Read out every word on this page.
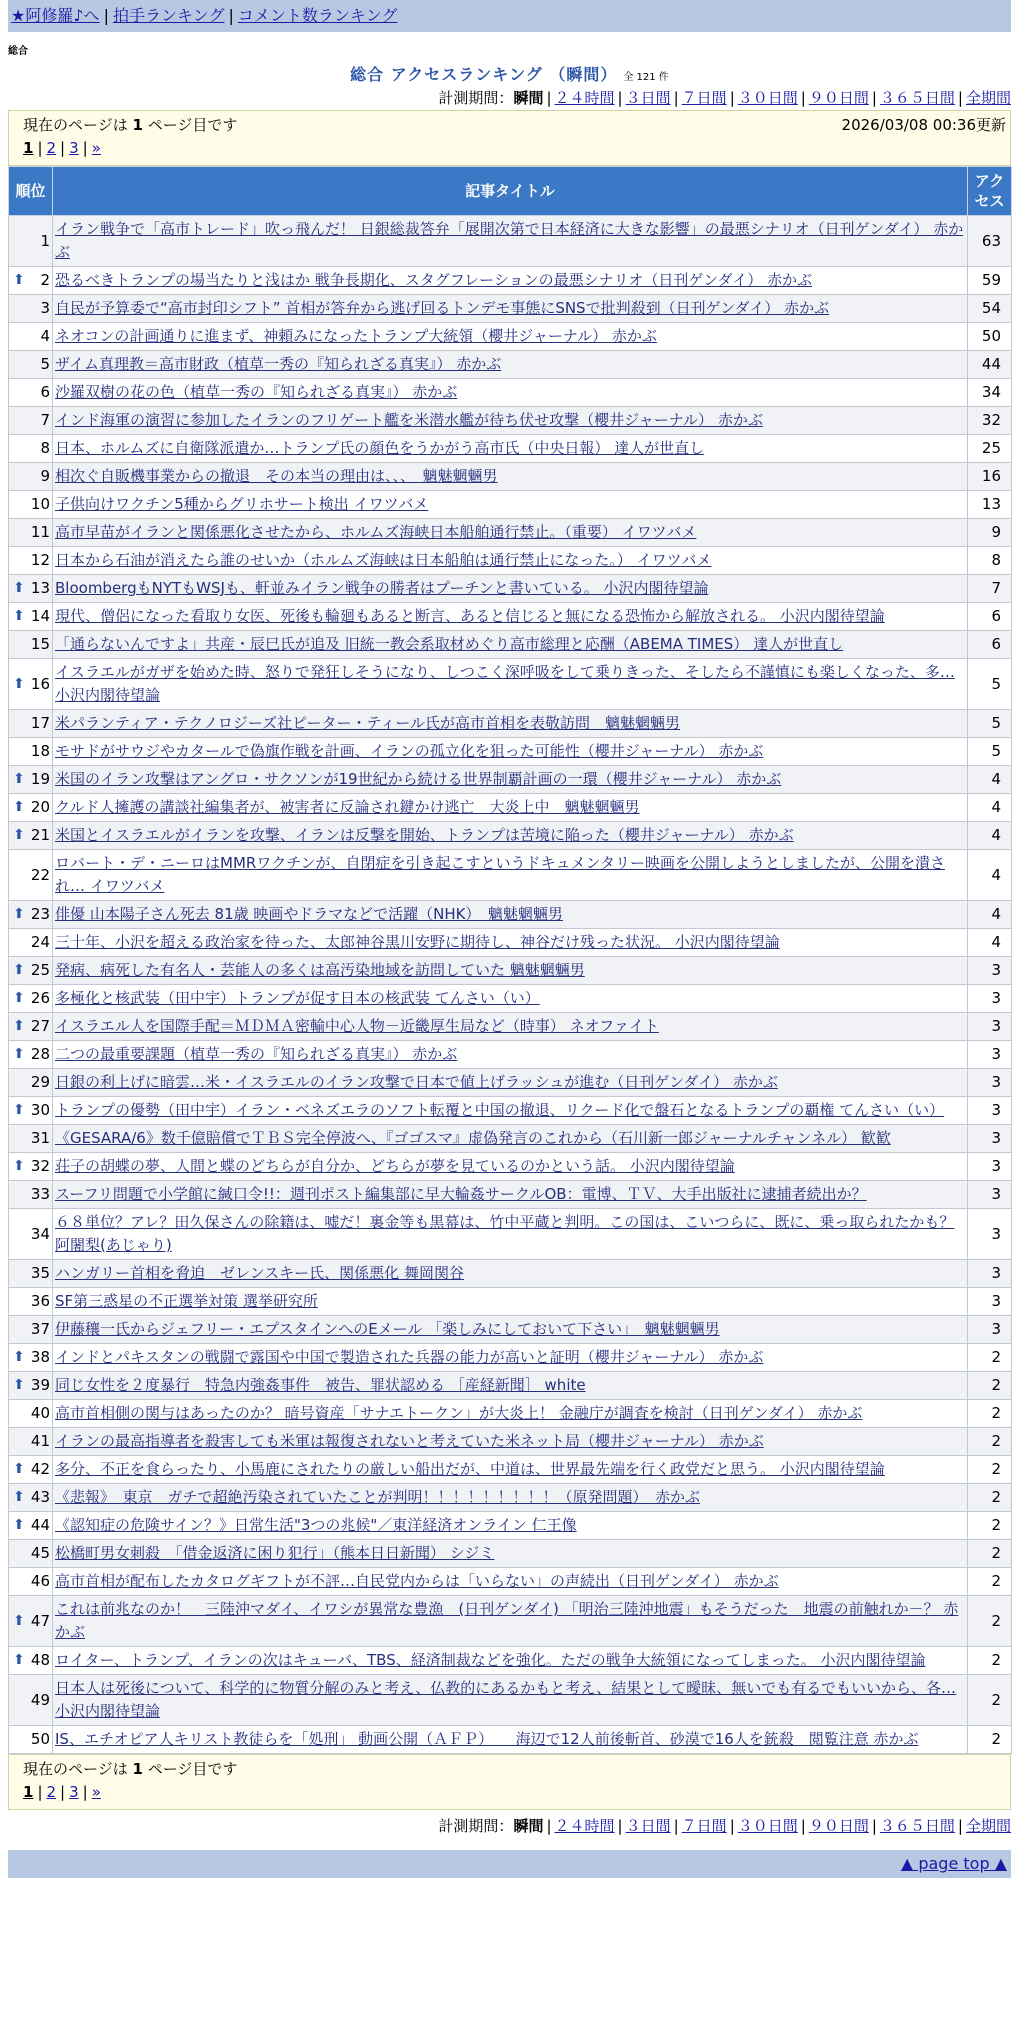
★阿修羅♪へ | 拍手ランキング | コメント数ランキング
総合
総合 アクセスランキング （瞬間） 全 121 件
計測期間：瞬間 | ２４時間 | ３日間 | ７日間 | ３０日間 | ９０日間 | ３６５日間 | 全期間
現在のページは 1 ページ目です	2026/03/08 00:36更新
1 | 2 | 3 | »
順位	記事タイトル	アクセス
1	イラン戦争で「高市トレード」吹っ飛んだ！ 日銀総裁答弁「展開次第で日本経済に大きな影響」の最悪シナリオ（日刊ゲンダイ） 赤かぶ	63

⬆ 2	恐るべきトランプの場当たりと浅はか 戦争長期化、スタグフレーションの最悪シナリオ（日刊ゲンダイ） 赤かぶ	59
3	自民が予算委で“高市封印シフト” 首相が答弁から逃げ回るトンデモ事態にSNSで批判殺到（日刊ゲンダイ） 赤かぶ	54
4	ネオコンの計画通りに進まず、神頼みになったトランプ大統領（櫻井ジャーナル） 赤かぶ	50
5	ザイム真理教＝高市財政（植草一秀の『知られざる真実』） 赤かぶ	44
6	沙羅双樹の花の色（植草一秀の『知られざる真実』） 赤かぶ	34
7	インド海軍の演習に参加したイランのフリゲート艦を米潜水艦が待ち伏せ攻撃（櫻井ジャーナル） 赤かぶ	32
8	日本、ホルムズに自衛隊派遣か…トランプ氏の顔色をうかがう高市氏（中央日報） 達人が世直し	25
9	相次ぐ自販機事業からの撤退　その本当の理由は、、、　魑魅魍魎男	16
10	子供向けワクチン5種からグリホサート検出 イワツバメ	13
11	高市早苗がイランと関係悪化させたから、ホルムズ海峡日本船舶通行禁止。（重要） イワツバメ	9
12	日本から石油が消えたら誰のせいか（ホルムズ海峡は日本船舶は通行禁止になった。） イワツバメ	8

⬆ 13	BloombergもNYTもWSJも、軒並みイラン戦争の勝者はプーチンと書いている。 小沢内閣待望論	7

⬆ 14	現代、僧侶になった看取り女医、死後も輪廻もあると断言、あると信じると無になる恐怖から解放される。 小沢内閣待望論	6
15	「通らないんですよ」共産・辰巳氏が追及 旧統一教会系取材めぐり高市総理と応酬（ABEMA TIMES） 達人が世直し	6

⬆ 16	イスラエルがガザを始めた時、怒りで発狂しそうになり、しつこく深呼吸をして乗りきった、そしたら不謹慎にも楽しくなった、多… 小沢内閣待望論	5
17	米パランティア・テクノロジーズ社ピーター・ティール氏が高市首相を表敬訪問　魑魅魍魎男	5
18	モサドがサウジやカタールで偽旗作戦を計画、イランの孤立化を狙った可能性（櫻井ジャーナル） 赤かぶ	5

⬆ 19	米国のイラン攻撃はアングロ・サクソンが19世紀から続ける世界制覇計画の一環（櫻井ジャーナル） 赤かぶ	4

⬆ 20	クルド人擁護の講談社編集者が、被害者に反論され鍵かけ逃亡　大炎上中　魑魅魍魎男	4

⬆ 21	米国とイスラエルがイランを攻撃、イランは反撃を開始、トランプは苦境に陥った（櫻井ジャーナル） 赤かぶ	4
22	ロバート・デ・ニーロはMMRワクチンが、自閉症を引き起こすというドキュメンタリー映画を公開しようとしましたが、公開を潰され… イワツバメ	4

⬆ 23	俳優 山本陽子さん死去 81歳 映画やドラマなどで活躍（NHK）　魑魅魍魎男	4
24	三十年、小沢を超える政治家を待った、太郎神谷黒川安野に期待し、神谷だけ残った状況。 小沢内閣待望論	4

⬆ 25	発病、病死した有名人・芸能人の多くは高汚染地域を訪問していた 魑魅魍魎男	3

⬆ 26	多極化と核武装（田中宇）トランプが促す日本の核武装 てんさい（い）	3

⬆ 27	イスラエル人を国際手配＝ＭＤＭＡ密輸中心人物－近畿厚生局など（時事） ネオファイト	3

⬆ 28	二つの最重要課題（植草一秀の『知られざる真実』） 赤かぶ	3
29	日銀の利上げに暗雲…米・イスラエルのイラン攻撃で日本で値上げラッシュが進む（日刊ゲンダイ） 赤かぶ	3

⬆ 30	トランプの優勢（田中宇）イラン・ベネズエラのソフト転覆と中国の撤退、リクード化で盤石となるトランプの覇権 てんさい（い）	3
31	《GESARA/6》数千億賠償でＴＢＳ完全停波へ、『ゴゴスマ』虚偽発言のこれから（石川新一郎ジャーナルチャンネル） 歓歓	3

⬆ 32	荘子の胡蝶の夢、人間と蝶のどちらが自分か、どちらが夢を見ているのかという話。 小沢内閣待望論	3
33	スーフリ問題で小学館に緘口令!!：週刊ポスト編集部に早大輪姦サークルOB：電博、ＴＶ、大手出版社に逮捕者続出か？	3
34	６８単位？アレ？田久保さんの除籍は、嘘だ！裏金等も黒幕は、竹中平蔵と判明。この国は、こいつらに、既に、乗っ取られたかも？ 阿闍梨(あじゃり)	3
35	ハンガリー首相を脅迫　ゼレンスキー氏、関係悪化 舞岡関谷	3
36	SF第三惑星の不正選挙対策 選挙研究所	3
37	伊藤穰一氏からジェフリー・エプスタインへのEメール 「楽しみにしておいて下さい」　魑魅魍魎男	3

⬆ 38	インドとパキスタンの戦闘で露国や中国で製造された兵器の能力が高いと証明（櫻井ジャーナル） 赤かぶ	2

⬆ 39	同じ女性を２度暴行　特急内強姦事件　被告、罪状認める ［産経新聞］ white	2
40	高市首相側の関与はあったのか？ 暗号資産「サナエトークン」が大炎上！ 金融庁が調査を検討（日刊ゲンダイ） 赤かぶ	2
41	イランの最高指導者を殺害しても米軍は報復されないと考えていた米ネット局（櫻井ジャーナル） 赤かぶ	2

⬆ 42	多分、不正を食らったり、小馬鹿にされたりの厳しい船出だが、中道は、世界最先端を行く政党だと思う。 小沢内閣待望論	2

⬆ 43	《悲報》　東京　ガチで超絶汚染されていたことが判明！！！！！！！！！（原発問題）　赤かぶ	2

⬆ 44	《認知症の危険サイン？》日常生活"3つの兆候"／東洋経済オンライン 仁王像	2
45	松橋町男女刺殺　「借金返済に困り犯行」（熊本日日新聞） シジミ	2
46	高市首相が配布したカタログギフトが不評…自民党内からは「いらない」の声続出（日刊ゲンダイ） 赤かぶ	2

⬆ 47	これは前兆なのか！　三陸沖マダイ、イワシが異常な豊漁　(日刊ゲンダイ) 「明治三陸沖地震」もそうだった　地震の前触れか－？ 赤かぶ	2

⬆ 48	ロイター、トランプ、イランの次はキューバ、TBS、経済制裁などを強化。ただの戦争大統領になってしまった。 小沢内閣待望論	2
49	日本人は死後について、科学的に物質分解のみと考え、仏教的にあるかもと考え、結果として曖昧、無いでも有るでもいいから、各… 小沢内閣待望論	2
50	IS、エチオピア人キリスト教徒らを「処刑」 動画公開（ＡＦＰ）　　海辺で12人前後斬首、砂漠で16人を銃殺　閲覧注意 赤かぶ	2
現在のページは 1 ページ目です
1 | 2 | 3 | »
計測期間：瞬間 | ２４時間 | ３日間 | ７日間 | ３０日間 | ９０日間 | ３６５日間 | 全期間
▲ page top ▲
